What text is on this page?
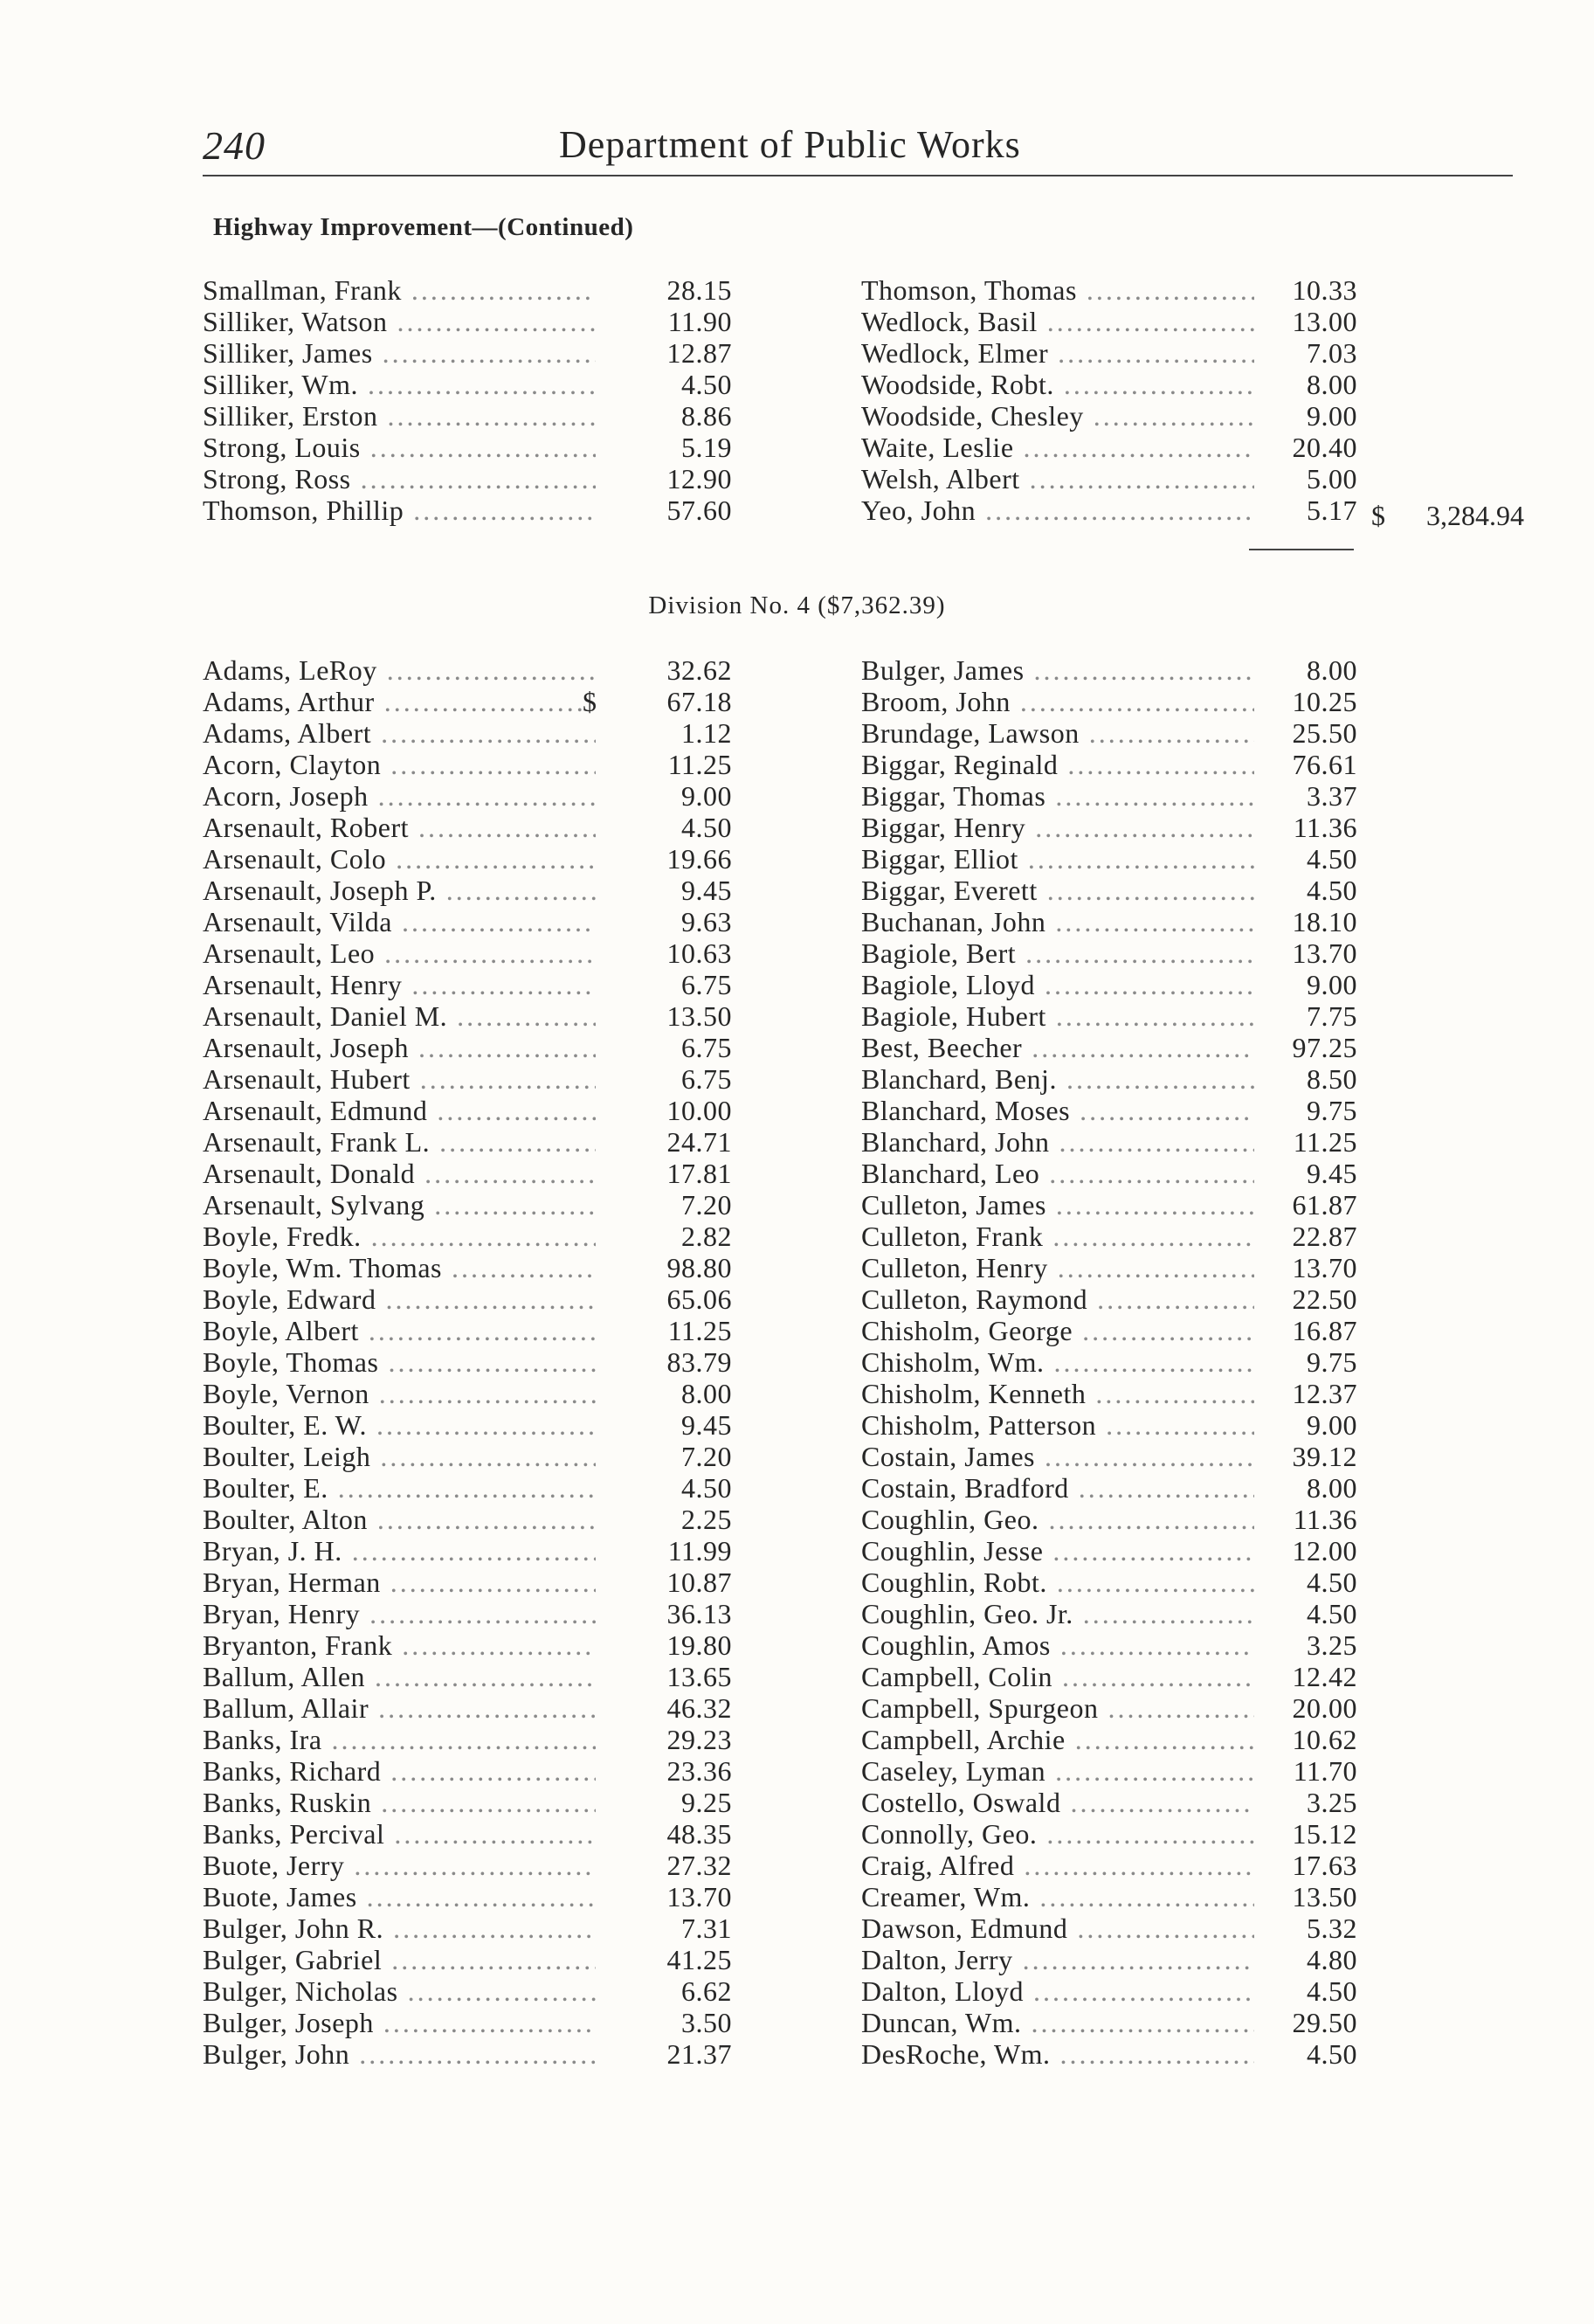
240	Department of Public Works
Highway Improvement—(Continued)
Smallman, Frank .....	28.15
Silliker, Watson .....	11.90
Silliker, James .....	12.87
Silliker, Wm. .....	4.50
Silliker, Erston .....	8.86
Strong, Louis .....	5.19
Strong, Ross .....	12.90
Thomson, Phillip .....	57.60
Thomson, Thomas .....	10.33
Wedlock, Basil .....	13.00
Wedlock, Elmer .....	7.03
Woodside, Robt. .....	8.00
Woodside, Chesley .....	9.00
Waite, Leslie .....	20.40
Welsh, Albert .....	5.00
Yeo, John .....	5.17 $	3,284.94
Division No. 4 ($7,362.39)
Adams, LeRoy .....	32.62
Adams, Arthur .....	$	67.18
Adams, Albert .....	1.12
Acorn, Clayton .....	11.25
Acorn, Joseph .....	9.00
Arsenault, Robert .....	4.50
Arsenault, Colo .....	19.66
Arsenault, Joseph P. .....	9.45
Arsenault, Vilda .....	9.63
Arsenault, Leo .....	10.63
Arsenault, Henry .....	6.75
Arsenault, Daniel M. .....	13.50
Arsenault, Joseph .....	6.75
Arsenault, Hubert .....	6.75
Arsenault, Edmund .....	10.00
Arsenault, Frank L. .....	24.71
Arsenault, Donald .....	17.81
Arsenault, Sylvang .....	7.20
Boyle, Fredk. .....	2.82
Boyle, Wm. Thomas .....	98.80
Boyle, Edward .....	65.06
Boyle, Albert .....	11.25
Boyle, Thomas .....	83.79
Boyle, Vernon .....	8.00
Boulter, E. W. .....	9.45
Boulter, Leigh .....	7.20
Boulter, E. .....	4.50
Boulter, Alton .....	2.25
Bryan, J. H. .....	11.99
Bryan, Herman .....	10.87
Bryan, Henry .....	36.13
Bryanton, Frank .....	19.80
Ballum, Allen .....	13.65
Ballum, Allair .....	46.32
Banks, Ira .....	29.23
Banks, Richard .....	23.36
Banks, Ruskin .....	9.25
Banks, Percival .....	48.35
Buote, Jerry .....	27.32
Buote, James .....	13.70
Bulger, John R. .....	7.31
Bulger, Gabriel .....	41.25
Bulger, Nicholas .....	6.62
Bulger, Joseph .....	3.50
Bulger, John .....	21.37
Bulger, James .....	8.00
Broom, John .....	10.25
Brundage, Lawson .....	25.50
Biggar, Reginald .....	76.61
Biggar, Thomas .....	3.37
Biggar, Henry .....	11.36
Biggar, Elliot .....	4.50
Biggar, Everett .....	4.50
Buchanan, John .....	18.10
Bagiole, Bert .....	13.70
Bagiole, Lloyd .....	9.00
Bagiole, Hubert .....	7.75
Best, Beecher .....	97.25
Blanchard, Benj. .....	8.50
Blanchard, Moses .....	9.75
Blanchard, John .....	11.25
Blanchard, Leo .....	9.45
Culleton, James .....	61.87
Culleton, Frank .....	22.87
Culleton, Henry .....	13.70
Culleton, Raymond .....	22.50
Chisholm, George .....	16.87
Chisholm, Wm. .....	9.75
Chisholm, Kenneth .....	12.37
Chisholm, Patterson .....	9.00
Costain, James .....	39.12
Costain, Bradford .....	8.00
Coughlin, Geo. .....	11.36
Coughlin, Jesse .....	12.00
Coughlin, Robt. .....	4.50
Coughlin, Geo. Jr. .....	4.50
Coughlin, Amos .....	3.25
Campbell, Colin .....	12.42
Campbell, Spurgeon .....	20.00
Campbell, Archie .....	10.62
Caseley, Lyman .....	11.70
Costello, Oswald .....	3.25
Connolly, Geo. .....	15.12
Craig, Alfred .....	17.63
Creamer, Wm. .....	13.50
Dawson, Edmund .....	5.32
Dalton, Jerry .....	4.80
Dalton, Lloyd .....	4.50
Duncan, Wm. .....	29.50
DesRoche, Wm. .....	4.50
